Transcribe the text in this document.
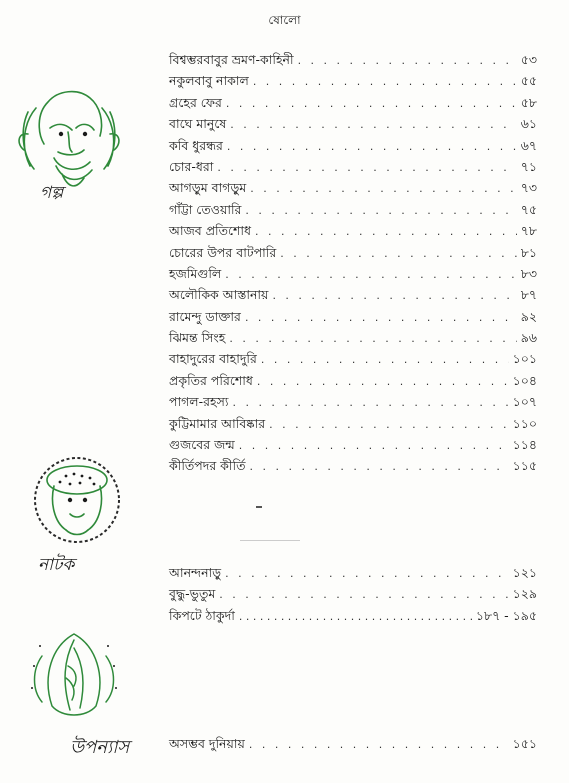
ষোলো
গল্প
নাটক
উপন্যাস
বিশ্বম্ভরবাবুর ভ্রমণ-কাহিনী . . .	৫৩
নকুলবাবু নাকাল . . .	৫৫
গ্রহের ফের . . .	৫৮
বাঘে মানুষে . . .	৬১
কবি ধুরন্ধর . . .	৬৭
চোর-ধরা . . .	৭১
আগড়ুম বাগড়ুম . . .	৭৩
গাঁট্টা তেওয়ারি . . .	৭৫
আজব প্রতিশোধ . . .	৭৮
চোরের উপর বাটপারি . . .	৮১
হজমিগুলি . . .	৮৩
অলৌকিক আস্তানায় . . .	৮৭
রামেন্দু ডাক্তার . . .	৯২
ঝিমন্ত সিংহ . . .	৯৬
বাহাদুরের বাহাদুরি . . .	১০১
প্রকৃতির পরিশোধ . . .	১০৪
পাগল-রহস্য . . .	১০৭
কুট্টিমামার আবিষ্কার . . .	১১০
গুজবের জন্ম . . .	১১৪
কীর্তিপদর কীর্তি . . .	১১৫
আনন্দনাড়ু . . .	১২১
বুদ্ধু-ভুতুম . . .	১২৯
কিপটে ঠাকুর্দা . . .	১৮৭ - ১৯৫
অসম্ভব দুনিয়ায় . . .	১৫১
